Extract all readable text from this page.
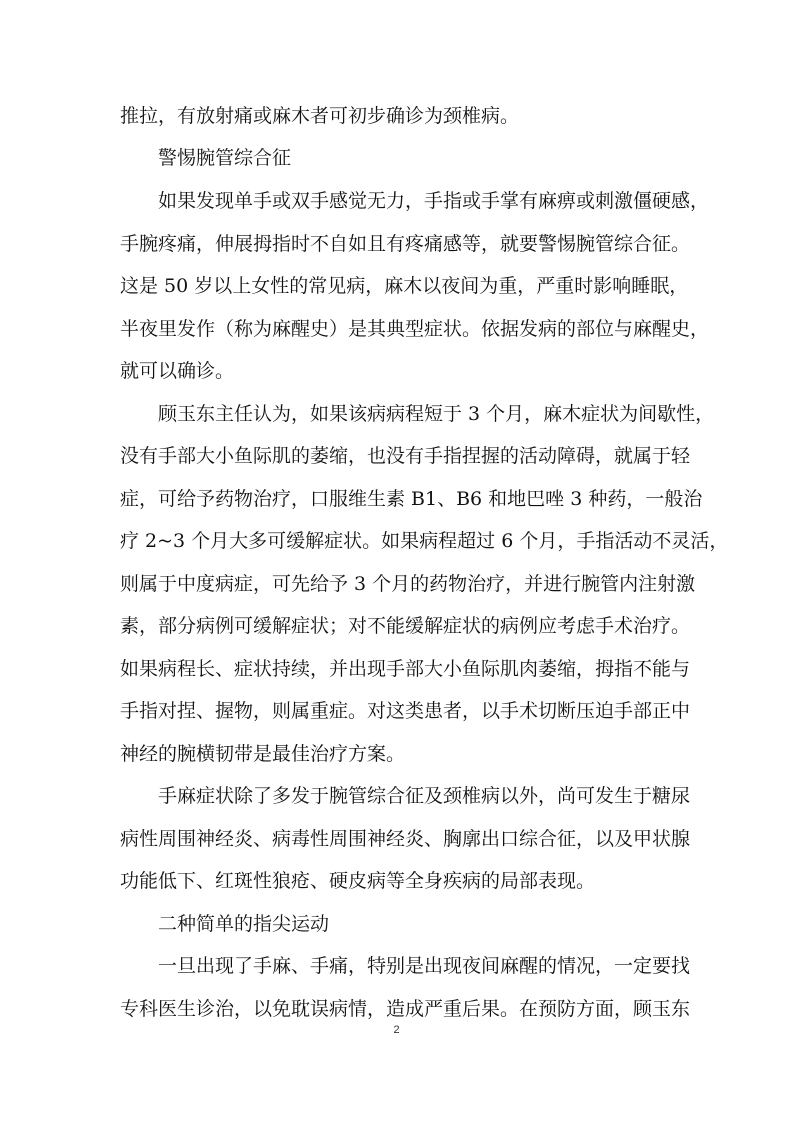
推拉，有放射痛或麻木者可初步确诊为颈椎病。
警惕腕管综合征
如果发现单手或双手感觉无力，手指或手掌有麻痹或刺激僵硬感，
手腕疼痛，伸展拇指时不自如且有疼痛感等，就要警惕腕管综合征。
这是 50 岁以上女性的常见病，麻木以夜间为重，严重时影响睡眠，
半夜里发作（称为麻醒史）是其典型症状。依据发病的部位与麻醒史，
就可以确诊。
顾玉东主任认为，如果该病病程短于 3 个月，麻木症状为间歇性，
没有手部大小鱼际肌的萎缩，也没有手指捏握的活动障碍，就属于轻
症，可给予药物治疗，口服维生素 B1、B6 和地巴唑 3 种药，一般治
疗 2~3 个月大多可缓解症状。如果病程超过 6 个月，手指活动不灵活，
则属于中度病症，可先给予 3 个月的药物治疗，并进行腕管内注射激
素，部分病例可缓解症状；对不能缓解症状的病例应考虑手术治疗。
如果病程长、症状持续，并出现手部大小鱼际肌肉萎缩，拇指不能与
手指对捏、握物，则属重症。对这类患者，以手术切断压迫手部正中
神经的腕横韧带是最佳治疗方案。
手麻症状除了多发于腕管综合征及颈椎病以外，尚可发生于糖尿
病性周围神经炎、病毒性周围神经炎、胸廓出口综合征，以及甲状腺
功能低下、红斑性狼疮、硬皮病等全身疾病的局部表现。
二种简单的指尖运动
一旦出现了手麻、手痛，特别是出现夜间麻醒的情况，一定要找
专科医生诊治，以免耽误病情，造成严重后果。在预防方面，顾玉东
2
